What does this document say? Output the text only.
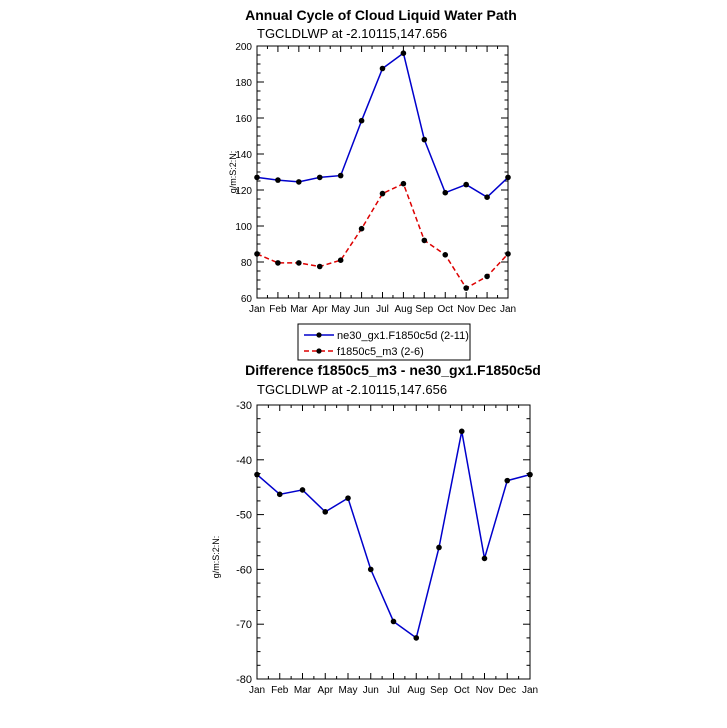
Annual Cycle of Cloud Liquid Water Path
TGCLDLWP at -2.10115,147.656
g/m:S:2:N:
Jan Feb Mar Apr May Jun Jul Aug Sep Oct Nov Dec Jan
60
80
100
120
140
160
180
200
ne30_gx1.F1850c5d (2-11)
f1850c5_m3 (2-6)
Difference f1850c5_m3 - ne30_gx1.F1850c5d
TGCLDLWP at -2.10115,147.656
g/m:S:2:N:
Jan Feb Mar Apr May Jun Jul Aug Sep Oct Nov Dec Jan
-80
-70
-60
-50
-40
-30
